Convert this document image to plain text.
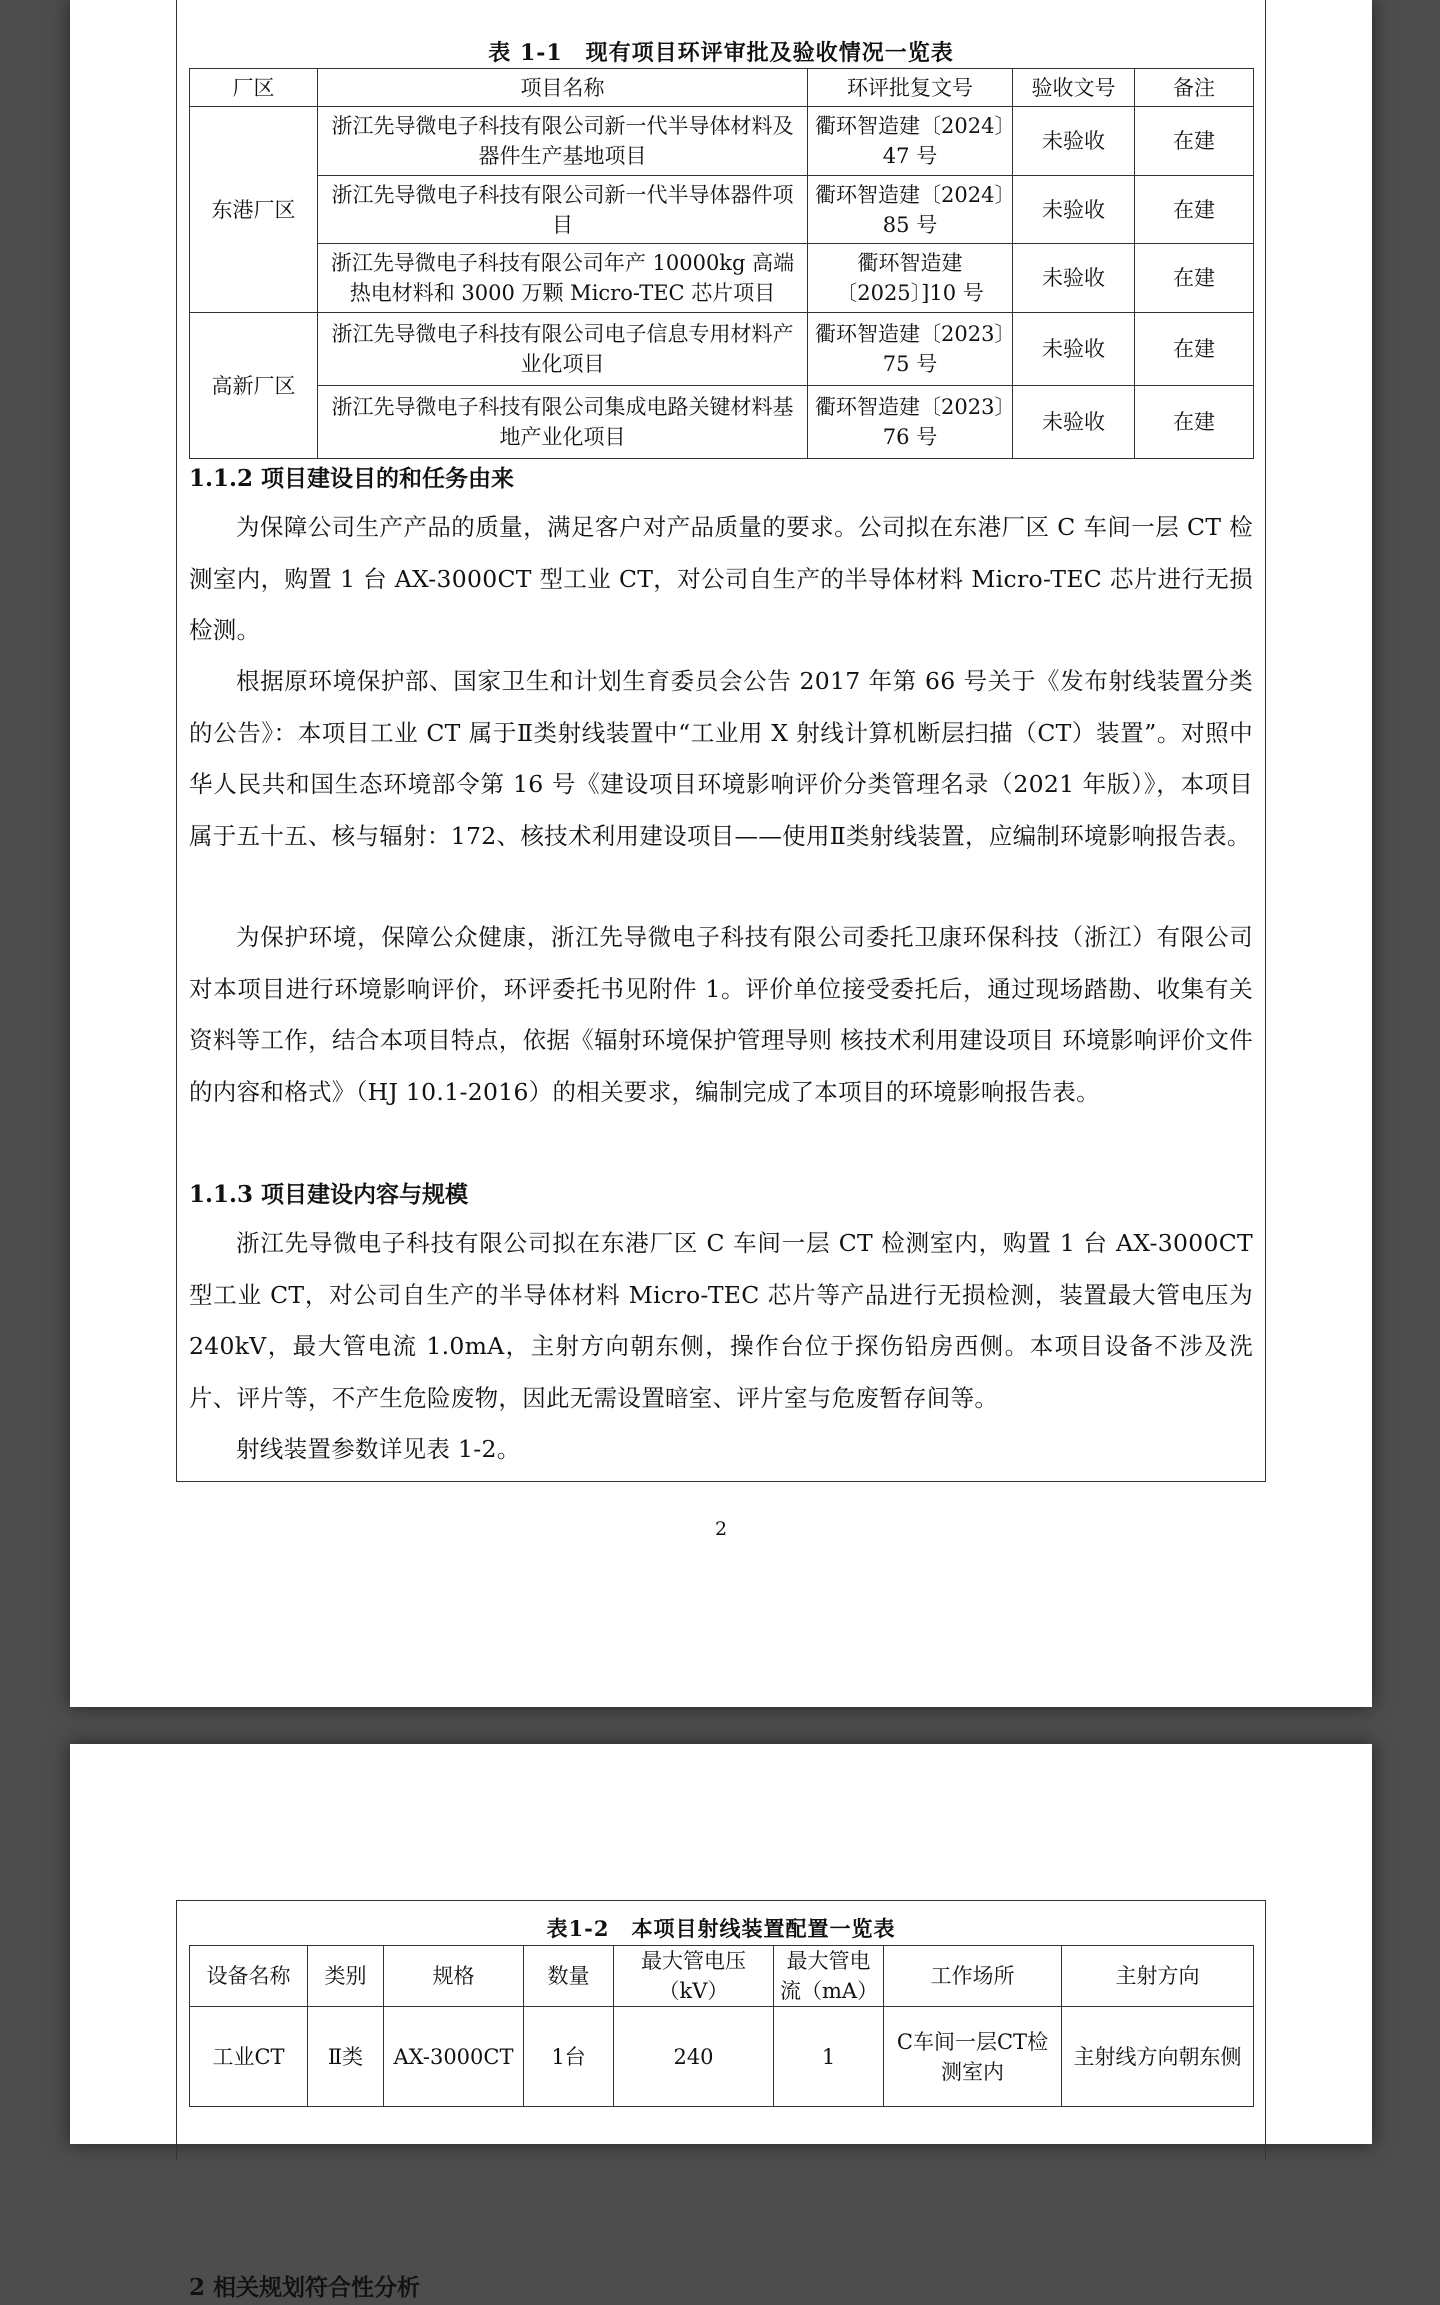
表 1-1　现有项目环评审批及验收情况一览表
厂区	项目名称	环评批复文号	验收文号	备注
东港厂区	浙江先导微电子科技有限公司新一代半导体材料及器件生产基地项目	衢环智造建〔2024〕47 号	未验收	在建
	浙江先导微电子科技有限公司新一代半导体器件项目	衢环智造建〔2024〕85 号	未验收	在建
	浙江先导微电子科技有限公司年产 10000kg 高端热电材料和 3000 万颗 Micro-TEC 芯片项目	衢环智造建〔2025〕]10 号	未验收	在建
高新厂区	浙江先导微电子科技有限公司电子信息专用材料产业化项目	衢环智造建〔2023〕75 号	未验收	在建
	浙江先导微电子科技有限公司集成电路关键材料基地产业化项目	衢环智造建〔2023〕76 号	未验收	在建
1.1.2 项目建设目的和任务由来
为保障公司生产产品的质量，满足客户对产品质量的要求。公司拟在东港厂区 C 车间一层 CT 检测室内，购置 1 台 AX-3000CT 型工业 CT，对公司自生产的半导体材料 Micro-TEC 芯片进行无损检测。
根据原环境保护部、国家卫生和计划生育委员会公告 2017 年第 66 号关于《发布射线装置分类的公告》：本项目工业 CT 属于Ⅱ类射线装置中“工业用 X 射线计算机断层扫描（CT）装置”。对照中华人民共和国生态环境部令第 16 号《建设项目环境影响评价分类管理名录（2021 年版）》，本项目属于五十五、核与辐射：172、核技术利用建设项目——使用Ⅱ类射线装置，应编制环境影响报告表。
为保护环境，保障公众健康，浙江先导微电子科技有限公司委托卫康环保科技（浙江）有限公司对本项目进行环境影响评价，环评委托书见附件 1。评价单位接受委托后，通过现场踏勘、收集有关资料等工作，结合本项目特点，依据《辐射环境保护管理导则 核技术利用建设项目 环境影响评价文件的内容和格式》（HJ 10.1-2016）的相关要求，编制完成了本项目的环境影响报告表。
1.1.3 项目建设内容与规模
浙江先导微电子科技有限公司拟在东港厂区 C 车间一层 CT 检测室内，购置 1 台 AX-3000CT 型工业 CT，对公司自生产的半导体材料 Micro-TEC 芯片等产品进行无损检测，装置最大管电压为 240kV，最大管电流 1.0mA，主射方向朝东侧，操作台位于探伤铅房西侧。本项目设备不涉及洗片、评片等，不产生危险废物，因此无需设置暗室、评片室与危废暂存间等。
射线装置参数详见表 1-2。
2
表1-2　本项目射线装置配置一览表
设备名称	类别	规格	数量	最大管电压（kV）	最大管电流（mA）	工作场所	主射方向
工业CT	Ⅱ类	AX-3000CT	1台	240	1	C车间一层CT检测室内	主射线方向朝东侧
2 相关规划符合性分析
